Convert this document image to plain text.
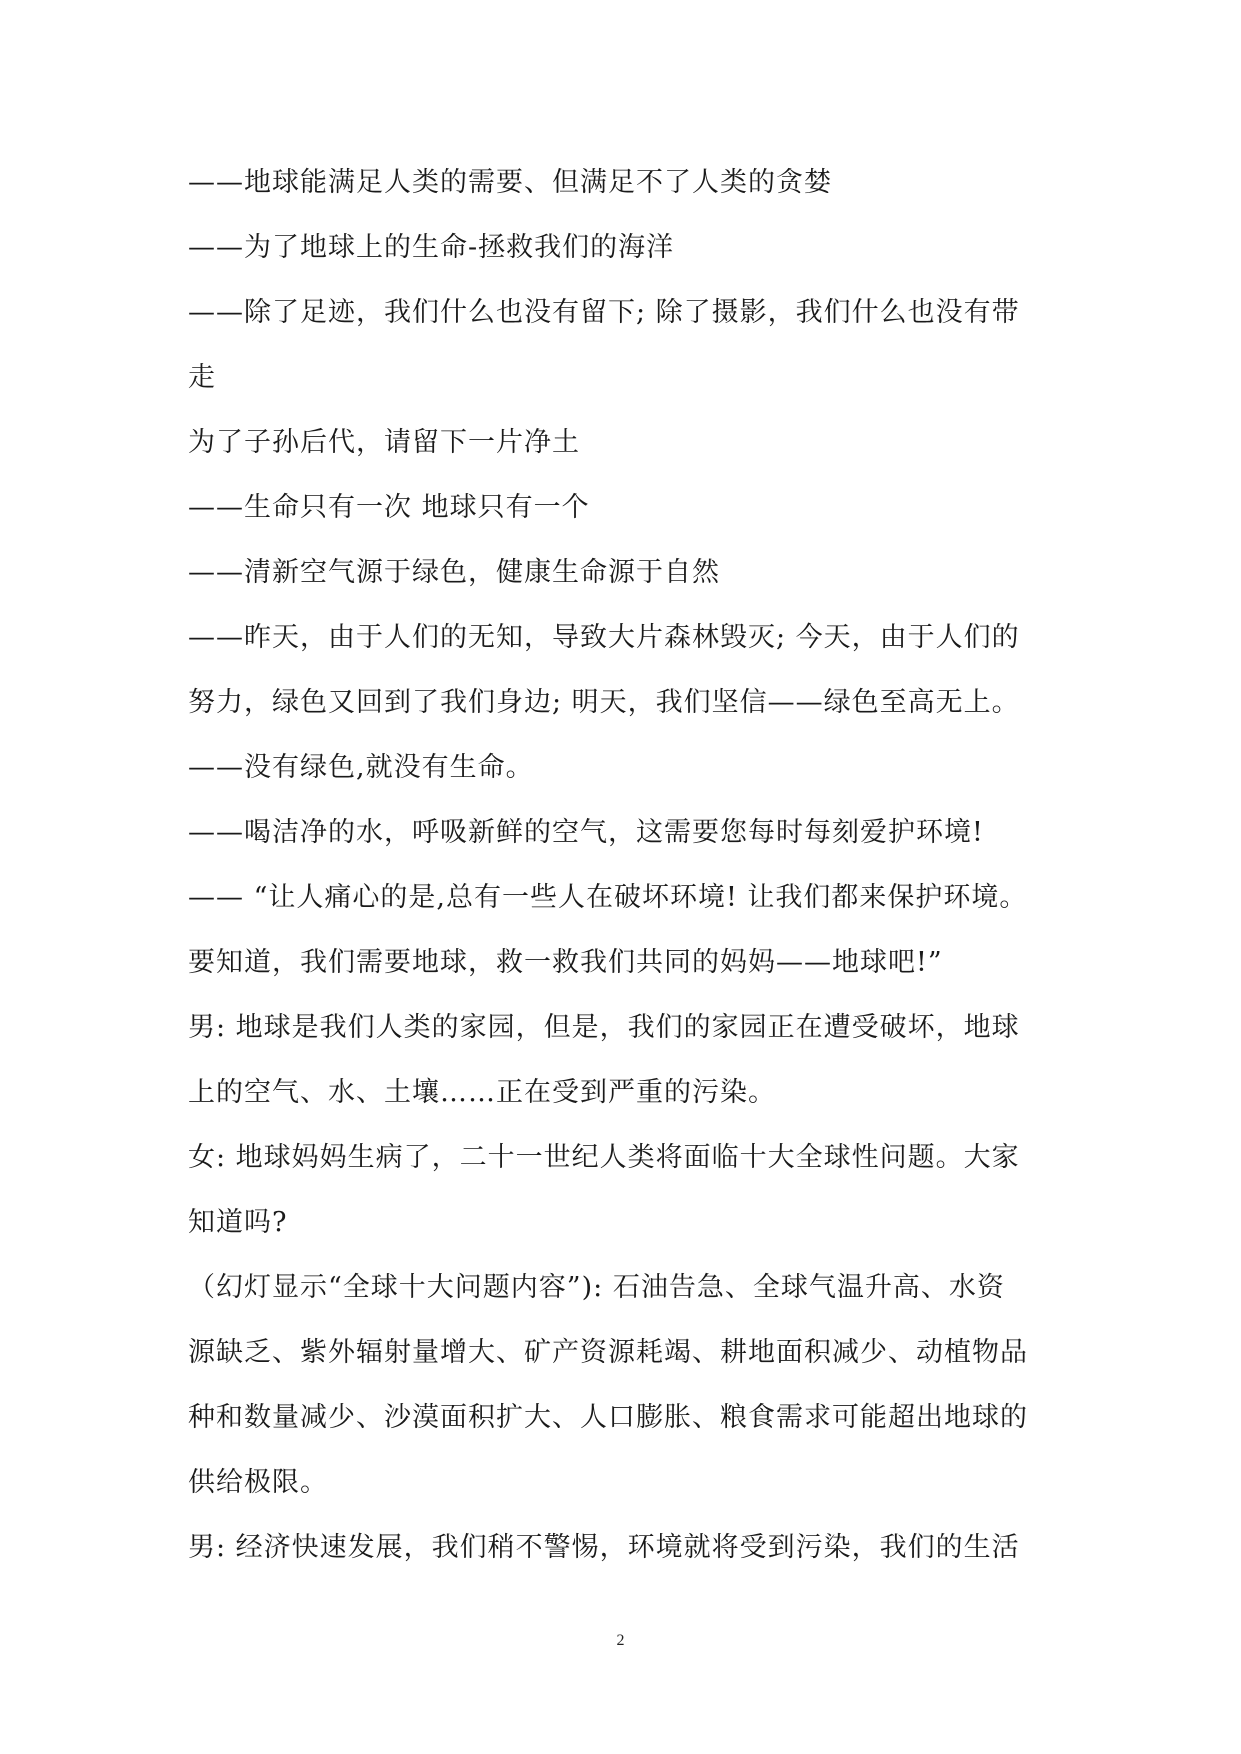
——地球能满足人类的需要、但满足不了人类的贪婪
——为了地球上的生命-拯救我们的海洋
——除了足迹，我们什么也没有留下; 除了摄影，我们什么也没有带
走
为了子孙后代，请留下一片净土
——生命只有一次 地球只有一个
——清新空气源于绿色，健康生命源于自然
——昨天，由于人们的无知，导致大片森林毁灭; 今天，由于人们的
努力，绿色又回到了我们身边; 明天，我们坚信——绿色至高无上。
——没有绿色,就没有生命。
——喝洁净的水，呼吸新鲜的空气，这需要您每时每刻爱护环境!
—— “让人痛心的是,总有一些人在破坏环境! 让我们都来保护环境。
要知道，我们需要地球，救一救我们共同的妈妈——地球吧!”
男: 地球是我们人类的家园，但是，我们的家园正在遭受破坏，地球
上的空气、水、土壤……正在受到严重的污染。
女: 地球妈妈生病了，二十一世纪人类将面临十大全球性问题。大家
知道吗?
（幻灯显示“全球十大问题内容”): 石油告急、全球气温升高、水资
源缺乏、紫外辐射量增大、矿产资源耗竭、耕地面积减少、动植物品
种和数量减少、沙漠面积扩大、人口膨胀、粮食需求可能超出地球的
供给极限。
男: 经济快速发展，我们稍不警惕，环境就将受到污染，我们的生活
2
